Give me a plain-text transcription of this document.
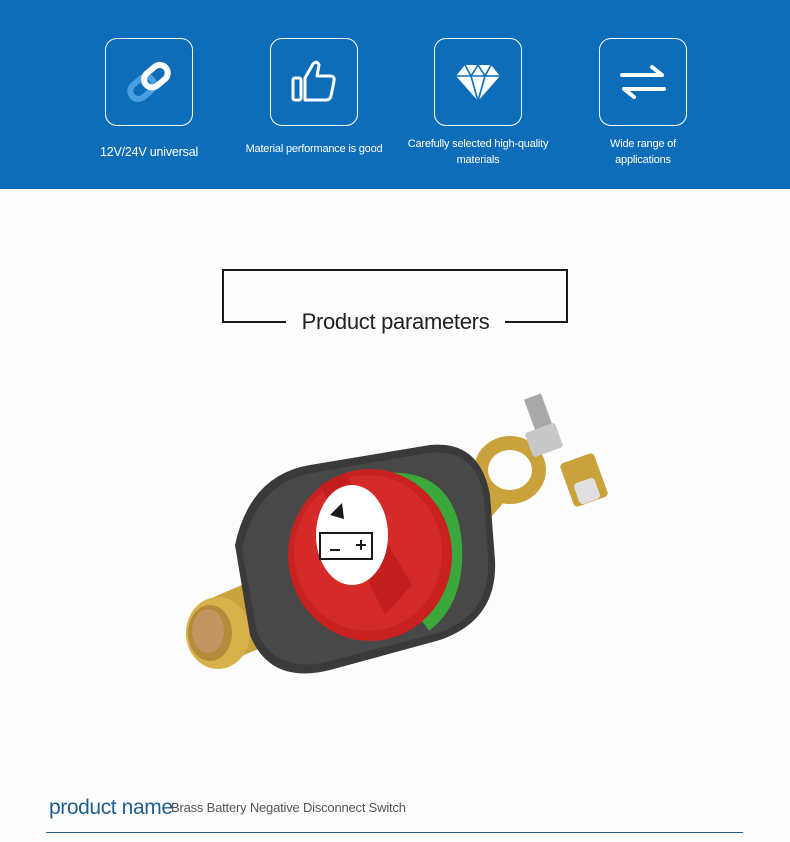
12V/24V universal	Material performance is good	Carefully selected high-quality
materials
Wide range of
applications
Product parameters
product name
Brass Battery Negative Disconnect Switch
